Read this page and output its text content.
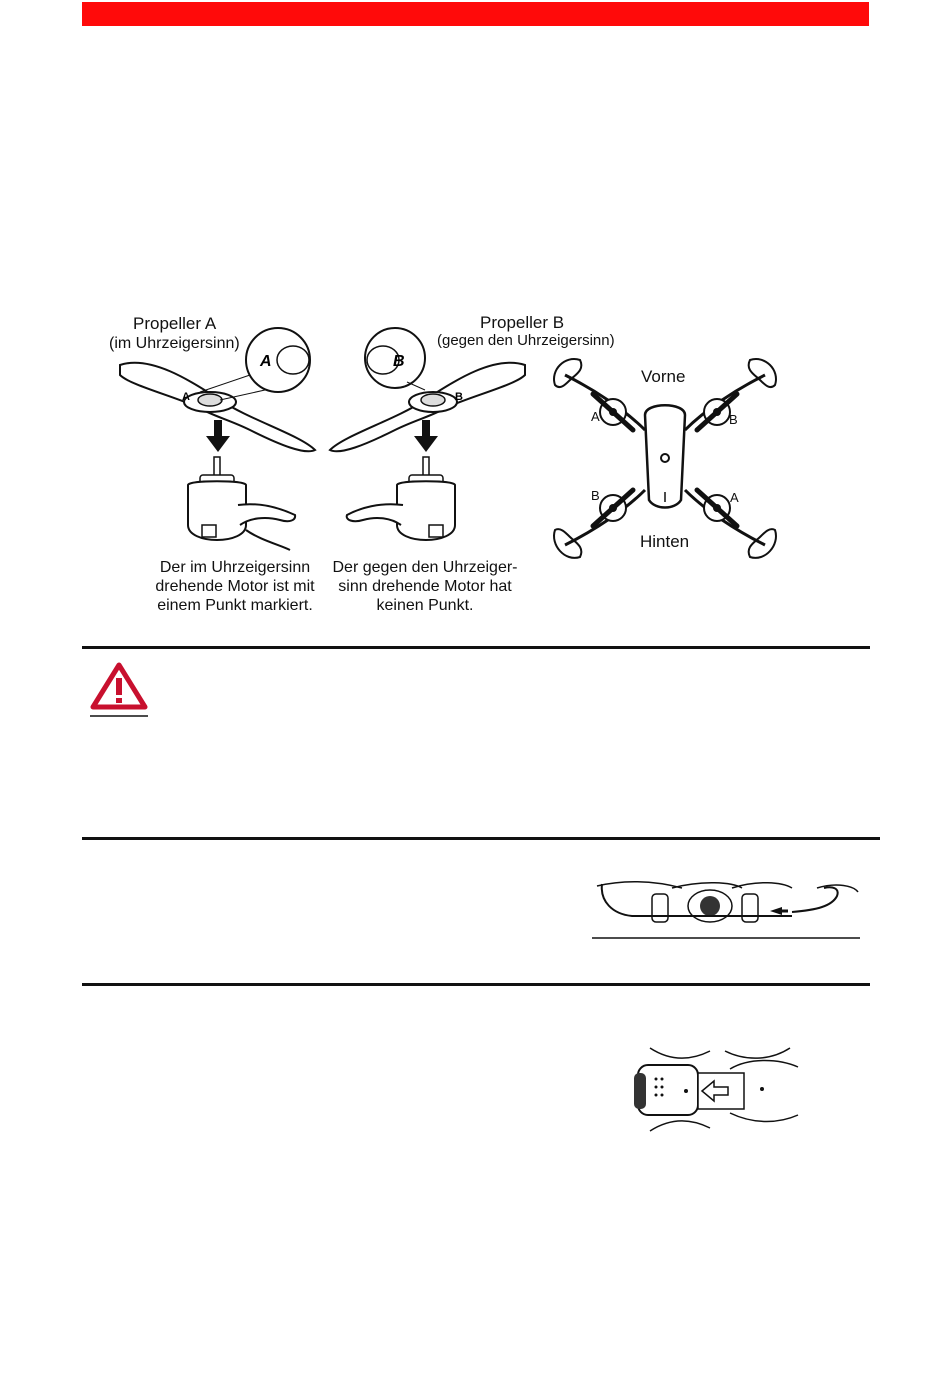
Propeller A
(im Uhrzeigersinn)
A
A
Der im Uhrzeigersinn
drehende Motor ist mit
einem Punkt markiert.
Propeller B
(gegen den Uhrzeigersinn)
B
B
Der gegen den Uhrzeiger-
sinn drehende Motor hat
keinen Punkt.
Vorne
Hinten
A	B
B	A
